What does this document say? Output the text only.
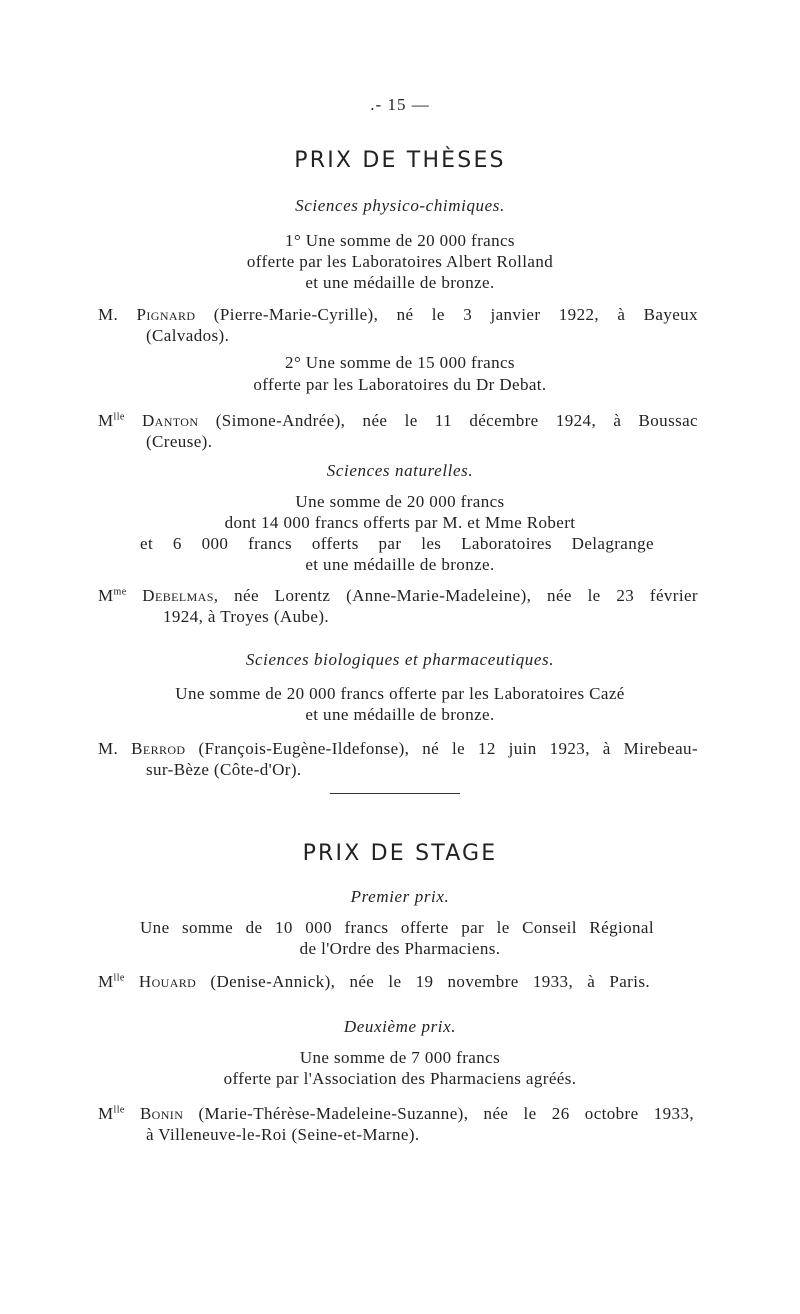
.- 15 —
PRIX DE THÈSES
Sciences physico-chimiques.
1° Une somme de 20 000 francs
offerte par les Laboratoires Albert Rolland
et une médaille de bronze.
M. Pignard (Pierre-Marie-Cyrille), né le 3 janvier 1922, à Bayeux
(Calvados).
2° Une somme de 15 000 francs
offerte par les Laboratoires du Dr Debat.
$M^{lle}$ Danton (Simone-Andrée), née le 11 décembre 1924, à Boussac
(Creuse).
Sciences naturelles.
Une somme de 20 000 francs
dont 14 000 francs offerts par M. et Mme Robert
et 6 000 francs offerts par les Laboratoires Delagrange
et une médaille de bronze.
$M^{me}$ Debelmas, née Lorentz (Anne-Marie-Madeleine), née le 23 février
1924, à Troyes (Aube).
Sciences biologiques et pharmaceutiques.
Une somme de 20 000 francs offerte par les Laboratoires Cazé
et une médaille de bronze.
M. Berrod (François-Eugène-Ildefonse), né le 12 juin 1923, à Mirebeau-
sur-Bèze (Côte-d'Or).
PRIX DE STAGE
Premier prix.
Une somme de 10 000 francs offerte par le Conseil Régional
de l'Ordre des Pharmaciens.
$M^{lle}$ Houard (Denise-Annick), née le 19 novembre 1933, à Paris.
Deuxième prix.
Une somme de 7 000 francs
offerte par l'Association des Pharmaciens agréés.
$M^{lle}$ Bonin (Marie-Thérèse-Madeleine-Suzanne), née le 26 octobre 1933,
à Villeneuve-le-Roi (Seine-et-Marne).
